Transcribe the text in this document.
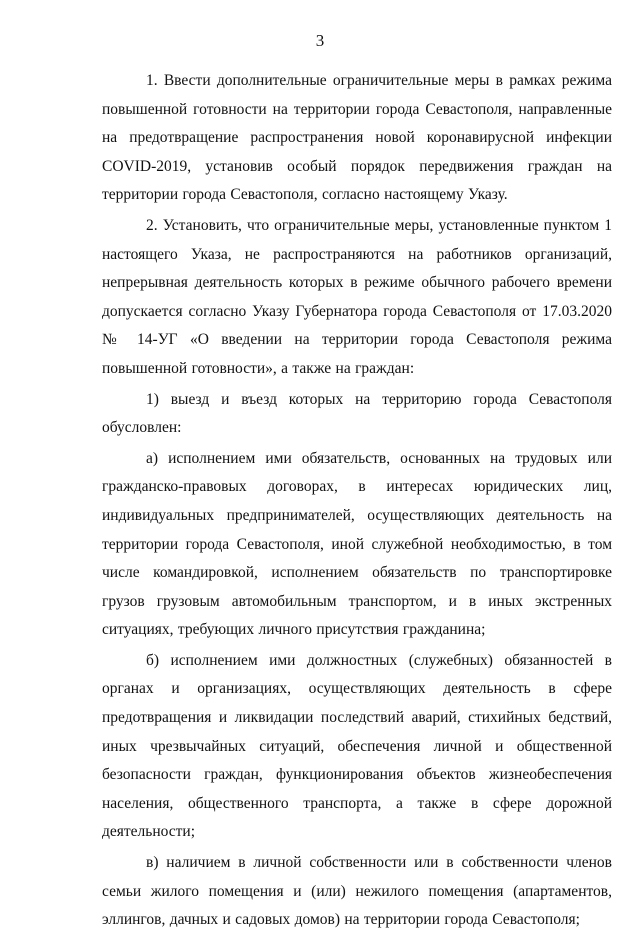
3

1. Ввести дополнительные ограничительные меры в рамках режима повышенной готовности на территории города Севастополя, направленные на предотвращение распространения новой коронавирусной инфекции COVID-2019, установив особый порядок передвижения граждан на территории города Севастополя, согласно настоящему Указу.

2. Установить, что ограничительные меры, установленные пунктом 1 настоящего Указа, не распространяются на работников организаций, непрерывная деятельность которых в режиме обычного рабочего времени допускается согласно Указу Губернатора города Севастополя от 17.03.2020 № 14-УГ «О введении на территории города Севастополя режима повышенной готовности», а также на граждан:

1) выезд и въезд которых на территорию города Севастополя обусловлен:

а) исполнением ими обязательств, основанных на трудовых или гражданско-правовых договорах, в интересах юридических лиц, индивидуальных предпринимателей, осуществляющих деятельность на территории города Севастополя, иной служебной необходимостью, в том числе командировкой, исполнением обязательств по транспортировке грузов грузовым автомобильным транспортом, и в иных экстренных ситуациях, требующих личного присутствия гражданина;

б) исполнением ими должностных (служебных) обязанностей в органах и организациях, осуществляющих деятельность в сфере предотвращения и ликвидации последствий аварий, стихийных бедствий, иных чрезвычайных ситуаций, обеспечения личной и общественной безопасности граждан, функционирования объектов жизнеобеспечения населения, общественного транспорта, а также в сфере дорожной деятельности;

в) наличием в личной собственности или в собственности членов семьи жилого помещения и (или) нежилого помещения (апартаментов, эллингов, дачных и садовых домов) на территории города Севастополя;
